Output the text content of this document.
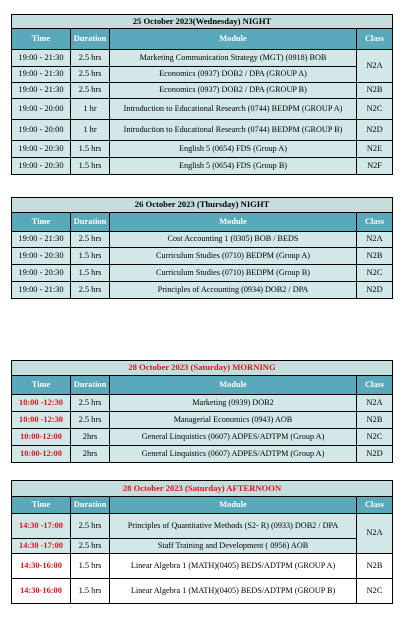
25 October 2023(Wednesday) NIGHT			
Time	Duration	Module	Class
19:00 - 21:30	2.5 hrs	Marketing Communication Strategy (MGT) (0918) BOB	N2A
19:00 - 21:30	2.5 hrs	Economics (0937) DOB2 / DPA (GROUP A)	
19:00 - 21:30	2.5 hrs	Economics (0937) DOB2 / DPA (GROUP B)	N2B
19:00 - 20:00	1 hr	Introduction to Educational Research (0744) BEDPM (GROUP A)	N2C
19:00 - 20:00	1 hr	Introduction to Educational Research (0744) BEDPM (GROUP B)	N2D
19:00 - 20:30	1.5 hrs	English 5 (0654) FDS (Group A)	N2E
19:00 - 20:30	1.5 hrs	English 5 (0654) FDS (Group B)	N2F
26 October 2023 (Thursday) NIGHT			
Time	Duration	Module	Class
19:00 - 21:30	2.5 hrs	Cost Accounting 1 (0305) BOB / BEDS	N2A
19:00 - 20:30	1.5 hrs	Curriculum Studies (0710) BEDPM (Group A)	N2B
19:00 - 20:30	1.5 hrs	Curriculum Studies (0710) BEDPM (Group B)	N2C
19:00 - 21:30	2.5 hrs	Principles of Accounting (0934) DOB2 / DPA	N2D
28 October 2023 (Saturday) MORNING			
Time	Duration	Module	Class
10:00 -12:30	2.5 hrs	Marketing (0939) DOB2	N2A
10:00 -12:30	2.5 hrs	Managerial Economics (0943) AOB	N2B
10:00-12:00	2hrs	General Linquistics (0607) ADPES/ADTPM (Group A)	N2C
10:00-12:00	2hrs	General Linquistics (0607) ADPES/ADTPM (Group A)	N2D
28 October 2023 (Saturday) AFTERNOON			
Time	Duration	Module	Class
14:30 -17:00	2.5 hrs	Principles of Quantitative Methods (S2- R) (0933) DOB2 / DPA	N2A
14:30 -17:00	2.5 hrs	Staff Training and Development ( 0956) AOB	
14:30-16:00	1.5 hrs	Linear Algebra 1 (MATH)(0405) BEDS/ADTPM (GROUP A)	N2B
14:30-16:00	1.5 hrs	Linear Algebra 1 (MATH)(0405) BEDS/ADTPM (GROUP B)	N2C
